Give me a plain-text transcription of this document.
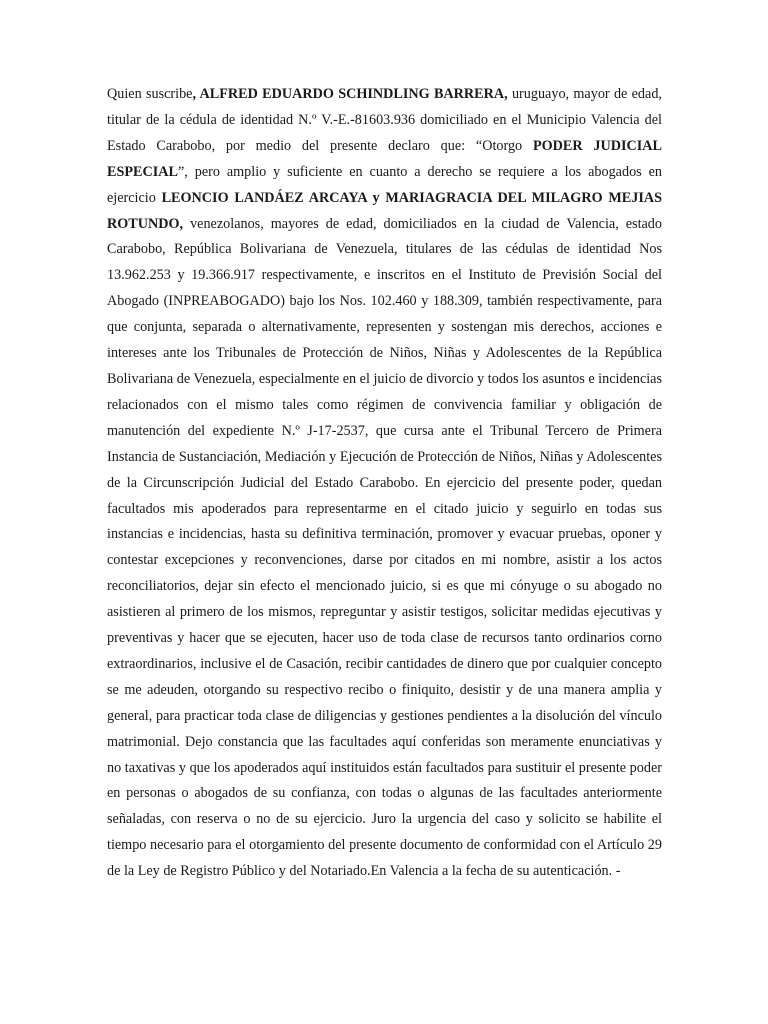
Quien suscribe, ALFRED EDUARDO SCHINDLING BARRERA, uruguayo, mayor de edad, titular de la cédula de identidad N.º V.-E.-81603.936 domiciliado en el Municipio Valencia del Estado Carabobo, por medio del presente declaro que: “Otorgo PODER JUDICIAL ESPECIAL”, pero amplio y suficiente en cuanto a derecho se requiere a los abogados en ejercicio LEONCIO LANDÁEZ ARCAYA y MARIAGRACIA DEL MILAGRO MEJIAS ROTUNDO, venezolanos, mayores de edad, domiciliados en la ciudad de Valencia, estado Carabobo, República Bolivariana de Venezuela, titulares de las cédulas de identidad Nos 13.962.253 y 19.366.917 respectivamente, e inscritos en el Instituto de Previsión Social del Abogado (INPREABOGADO) bajo los Nos. 102.460 y 188.309, también respectivamente, para que conjunta, separada o alternativamente, representen y sostengan mis derechos, acciones e intereses ante los Tribunales de Protección de Niños, Niñas y Adolescentes de la República Bolivariana de Venezuela, especialmente en el juicio de divorcio y todos los asuntos e incidencias relacionados con el mismo tales como régimen de convivencia familiar y obligación de manutención del expediente N.º J-17-2537, que cursa ante el Tribunal Tercero de Primera Instancia de Sustanciación, Mediación y Ejecución de Protección de Niños, Niñas y Adolescentes de la Circunscripción Judicial del Estado Carabobo. En ejercicio del presente poder, quedan facultados mis apoderados para representarme en el citado juicio y seguirlo en todas sus instancias e incidencias, hasta su definitiva terminación, promover y evacuar pruebas, oponer y contestar excepciones y reconvenciones, darse por citados en mi nombre, asistir a los actos reconciliatorios, dejar sin efecto el mencionado juicio, si es que mi cónyuge o su abogado no asistieren al primero de los mismos, repreguntar y asistir testigos, solicitar medidas ejecutivas y preventivas y hacer que se ejecuten, hacer uso de toda clase de recursos tanto ordinarios corno extraordinarios, inclusive el de Casación, recibir cantidades de dinero que por cualquier concepto se me adeuden, otorgando su respectivo recibo o finiquito, desistir y de una manera amplia y general, para practicar toda clase de diligencias y gestiones pendientes a la disolución del vínculo matrimonial. Dejo constancia que las facultades aquí conferidas son meramente enunciativas y no taxativas y que los apoderados aquí instituidos están facultados para sustituir el presente poder en personas o abogados de su confianza, con todas o algunas de las facultades anteriormente señaladas, con reserva o no de su ejercicio. Juro la urgencia del caso y solicito se habilite el tiempo necesario para el otorgamiento del presente documento de conformidad con el Artículo 29 de la Ley de Registro Público y del Notariado.En Valencia a la fecha de su autenticación. -
